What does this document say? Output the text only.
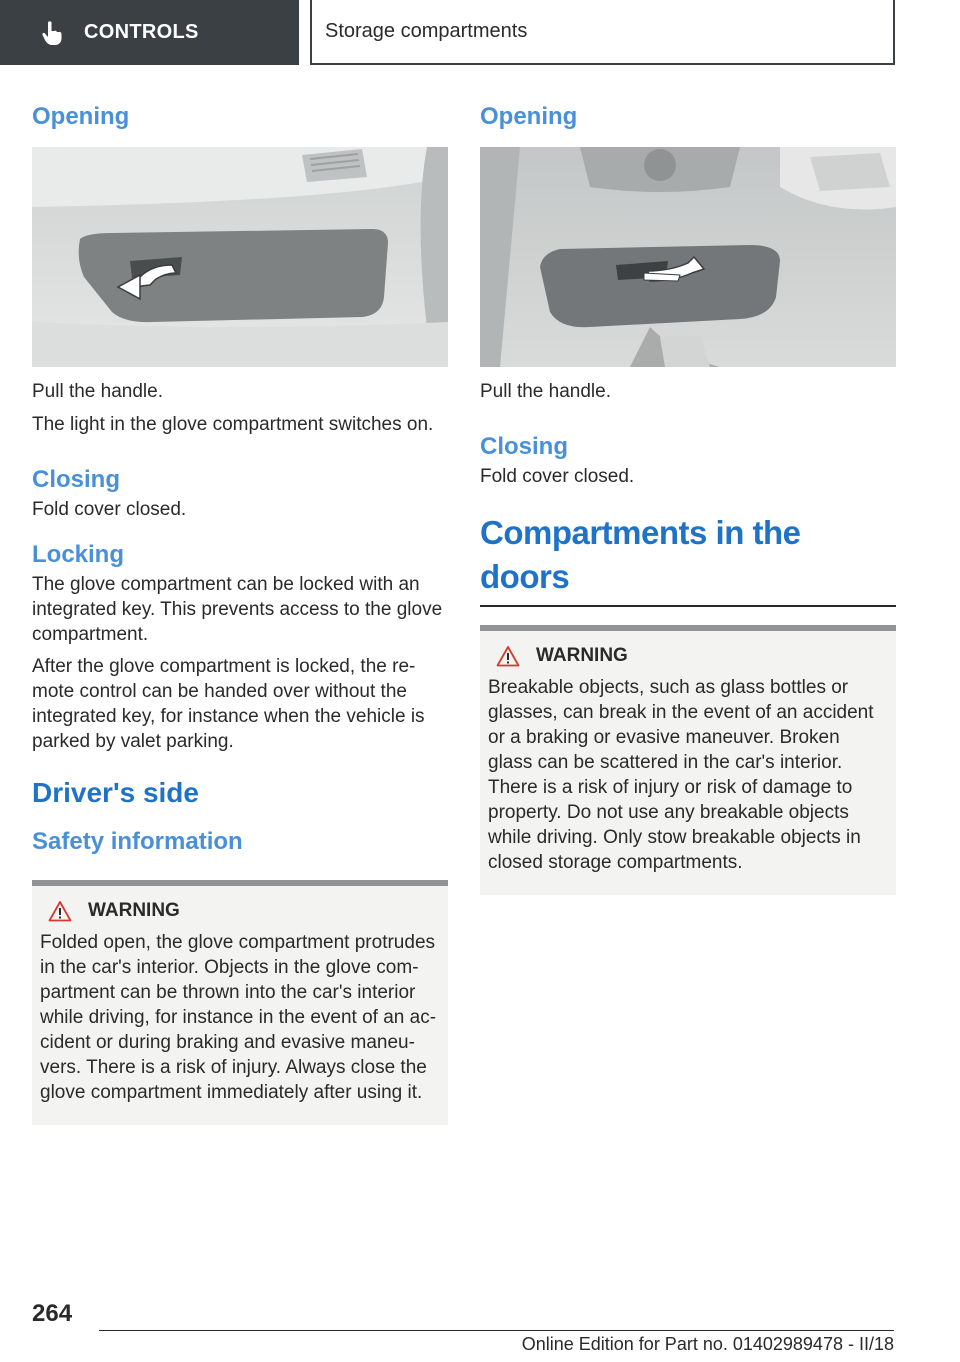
CONTROLS	Storage compartments
Opening

Pull the handle.

The light in the glove compartment switches on.

Closing

Fold cover closed.

Locking

The glove compartment can be locked with an integrated key. This prevents access to the glove compartment.

After the glove compartment is locked, the re-mote control can be handed over without the integrated key, for instance when the vehicle is parked by valet parking.

Driver's side
Safety information
WARNING

Folded open, the glove compartment protrudes in the car's interior. Objects in the glove com-partment can be thrown into the car's interior while driving, for instance in the event of an ac-cident or during braking and evasive maneu-vers. There is a risk of injury. Always close the glove compartment immediately after using it.

Opening

Pull the handle.

Closing

Fold cover closed.

Compartments in the doors
WARNING

Breakable objects, such as glass bottles or glasses, can break in the event of an accident or a braking or evasive maneuver. Broken glass can be scattered in the car's interior. There is a risk of injury or risk of damage to property. Do not use any breakable objects while driving. Only stow breakable objects in closed storage compartments.

264
Online Edition for Part no. 01402989478 - II/18
